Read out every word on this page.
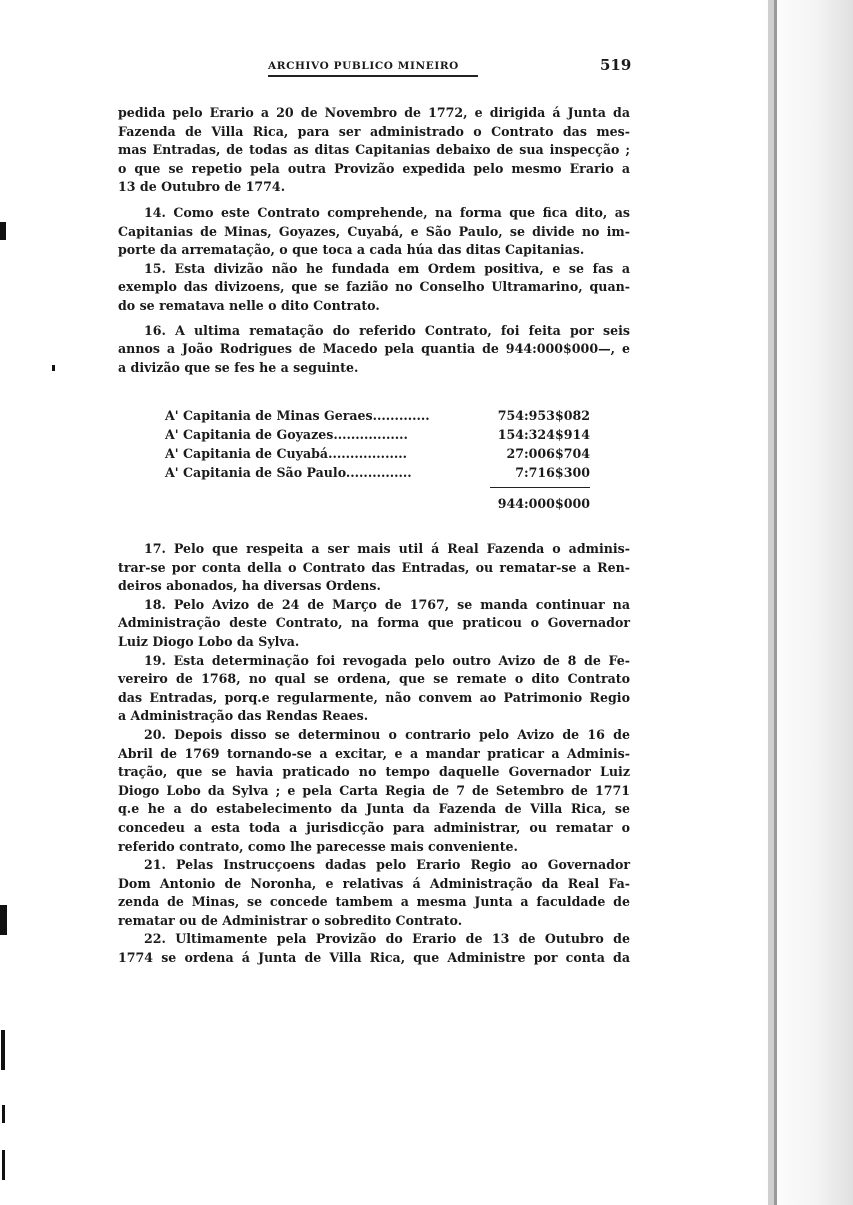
ARCHIVO PUBLICO MINEIRO	519
pedida pelo Erario a 20 de Novembro de 1772, e dirigida á Junta da
Fazenda de Villa Rica, para ser administrado o Contrato das mes-
mas Entradas, de todas as ditas Capitanias debaixo de sua inspecção ;
o que se repetio pela outra Provizão expedida pelo mesmo Erario a
13 de Outubro de 1774.
14. Como este Contrato comprehende, na forma que fica dito, as
Capitanias de Minas, Goyazes, Cuyabá, e São Paulo, se divide no im-
porte da arrematação, o que toca a cada húa das ditas Capitanias.
15. Esta divizão não he fundada em Ordem positiva, e se fas a
exemplo das divizoens, que se fazião no Conselho Ultramarino, quan-
do se rematava nelle o dito Contrato.
16. A ultima rematação do referido Contrato, foi feita por seis
annos a João Rodrigues de Macedo pela quantia de 944:000$000—, e
a divizão que se fes he a seguinte.
A' Capitania de Minas Geraes.............	754:953$082
A' Capitania de Goyazes.................	154:324$914
A' Capitania de Cuyabá..................	27:006$704
A' Capitania de São Paulo...............	7:716$300
944:000$000
17. Pelo que respeita a ser mais util á Real Fazenda o adminis-
trar-se por conta della o Contrato das Entradas, ou rematar-se a Ren-
deiros abonados, ha diversas Ordens.
18. Pelo Avizo de 24 de Março de 1767, se manda continuar na
Administração deste Contrato, na forma que praticou o Governador
Luiz Diogo Lobo da Sylva.
19. Esta determinação foi revogada pelo outro Avizo de 8 de Fe-
vereiro de 1768, no qual se ordena, que se remate o dito Contrato
das Entradas, porq.e regularmente, não convem ao Patrimonio Regio
a Administração das Rendas Reaes.
20. Depois disso se determinou o contrario pelo Avizo de 16 de
Abril de 1769 tornando-se a excitar, e a mandar praticar a Adminis-
tração, que se havia praticado no tempo daquelle Governador Luiz
Diogo Lobo da Sylva ; e pela Carta Regia de 7 de Setembro de 1771
q.e he a do estabelecimento da Junta da Fazenda de Villa Rica, se
concedeu a esta toda a jurisdicção para administrar, ou rematar o
referido contrato, como lhe parecesse mais conveniente.
21. Pelas Instrucçoens dadas pelo Erario Regio ao Governador
Dom Antonio de Noronha, e relativas á Administração da Real Fa-
zenda de Minas, se concede tambem a mesma Junta a faculdade de
rematar ou de Administrar o sobredito Contrato.
22. Ultimamente pela Provizão do Erario de 13 de Outubro de
1774 se ordena á Junta de Villa Rica, que Administre por conta da
